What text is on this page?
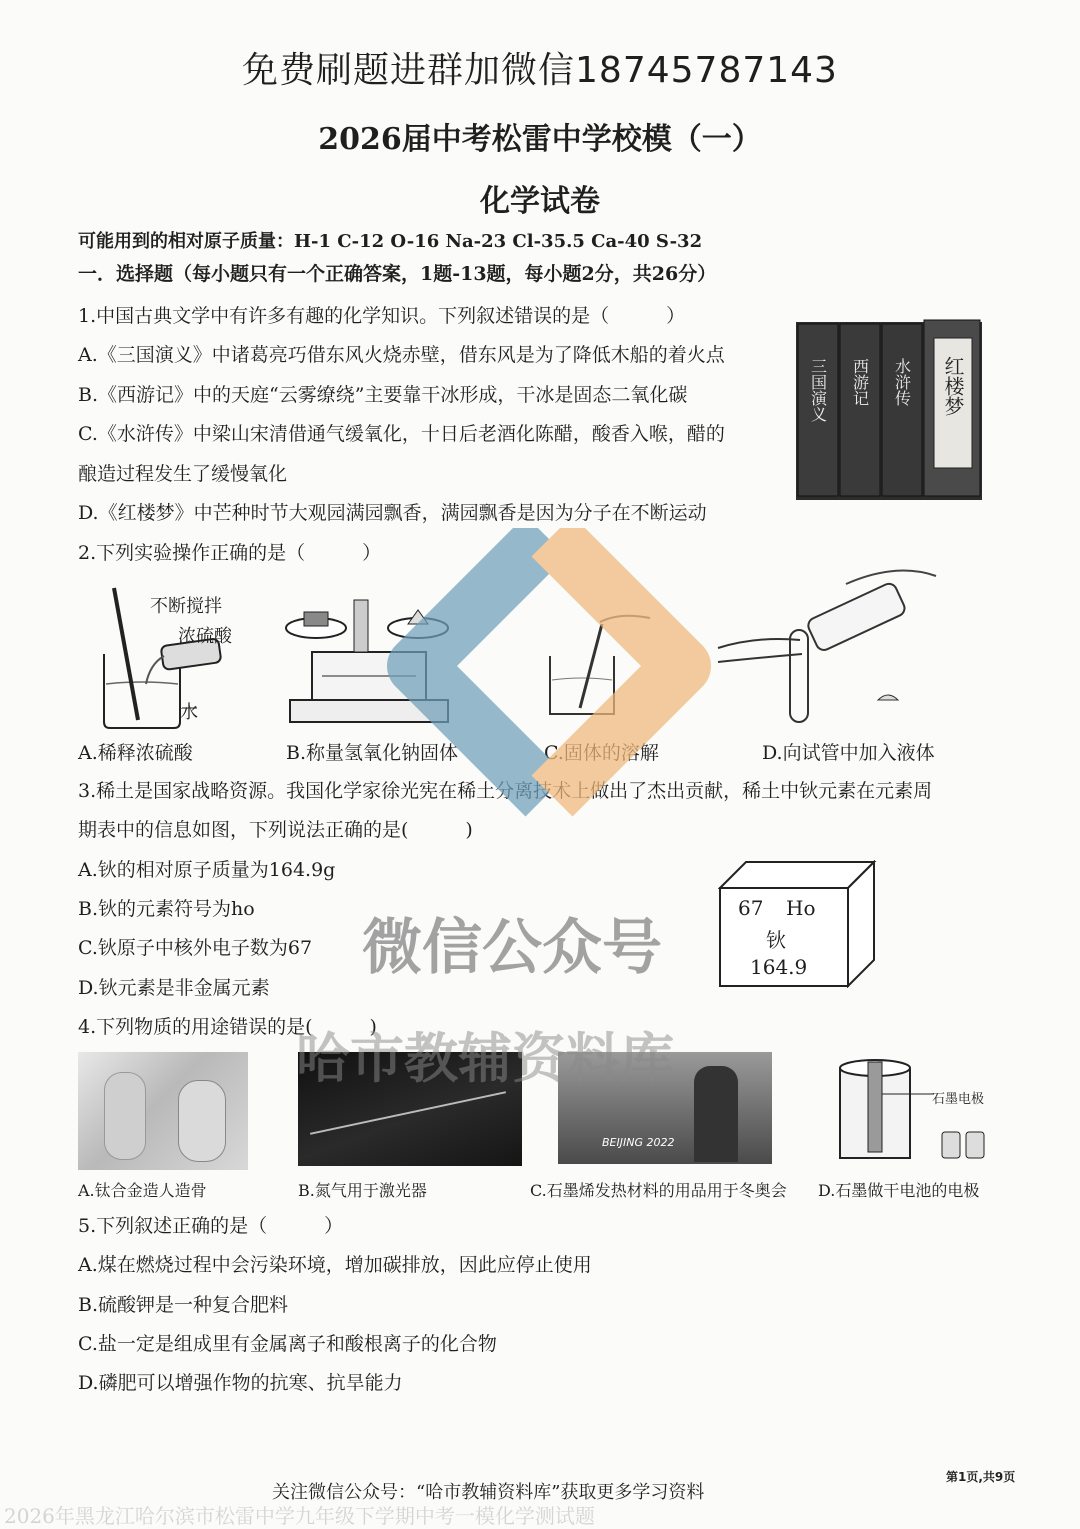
免费刷题进群加微信18745787143
2026届中考松雷中学校模（一）
化学试卷
可能用到的相对原子质量：H-1 C-12 O-16 Na-23 Cl-35.5 Ca-40 S-32
一．选择题（每小题只有一个正确答案，1题-13题，每小题2分，共26分）
1.中国古典文学中有许多有趣的化学知识。下列叙述错误的是（　　　）
A.《三国演义》中诸葛亮巧借东风火烧赤壁，借东风是为了降低木船的着火点
B.《西游记》中的天庭“云雾缭绕”主要靠干冰形成，干冰是固态二氧化碳
C.《水浒传》中梁山宋清借通气缓氧化，十日后老酒化陈醋，酸香入喉，醋的
酿造过程发生了缓慢氧化
D.《红楼梦》中芒种时节大观园满园飘香，满园飘香是因为分子在不断运动
三国演义 西游记 水浒传 红楼梦
2.下列实验操作正确的是（　　　）
不断搅拌
浓硫酸
水
A.稀释浓硫酸	B.称量氢氧化钠固体	C.固体的溶解	D.向试管中加入液体
3.稀土是国家战略资源。我国化学家徐光宪在稀土分离技术上做出了杰出贡献，稀土中钬元素在元素周
期表中的信息如图，下列说法正确的是(　　　)
A.钬的相对原子质量为164.9g
B.钬的元素符号为ho
C.钬原子中核外电子数为67
D.钬元素是非金属元素
67 Ho
钬
164.9
4.下列物质的用途错误的是(　　　)
BEIJING 2022
石墨电极
A.钛合金造人造骨	B.氮气用于激光器	C.石墨烯发热材料的用品用于冬奥会 D.石墨做干电池的电极
5.下列叙述正确的是（　　　）
A.煤在燃烧过程中会污染环境，增加碳排放，因此应停止使用
B.硫酸钾是一种复合肥料
C.盐一定是组成里有金属离子和酸根离子的化合物
D.磷肥可以增强作物的抗寒、抗旱能力
微信公众号
哈市教辅资料库
关注微信公众号：“哈市教辅资料库”获取更多学习资料
第1页,共9页
2026年黑龙江哈尔滨市松雷中学九年级下学期中考一模化学测试题
